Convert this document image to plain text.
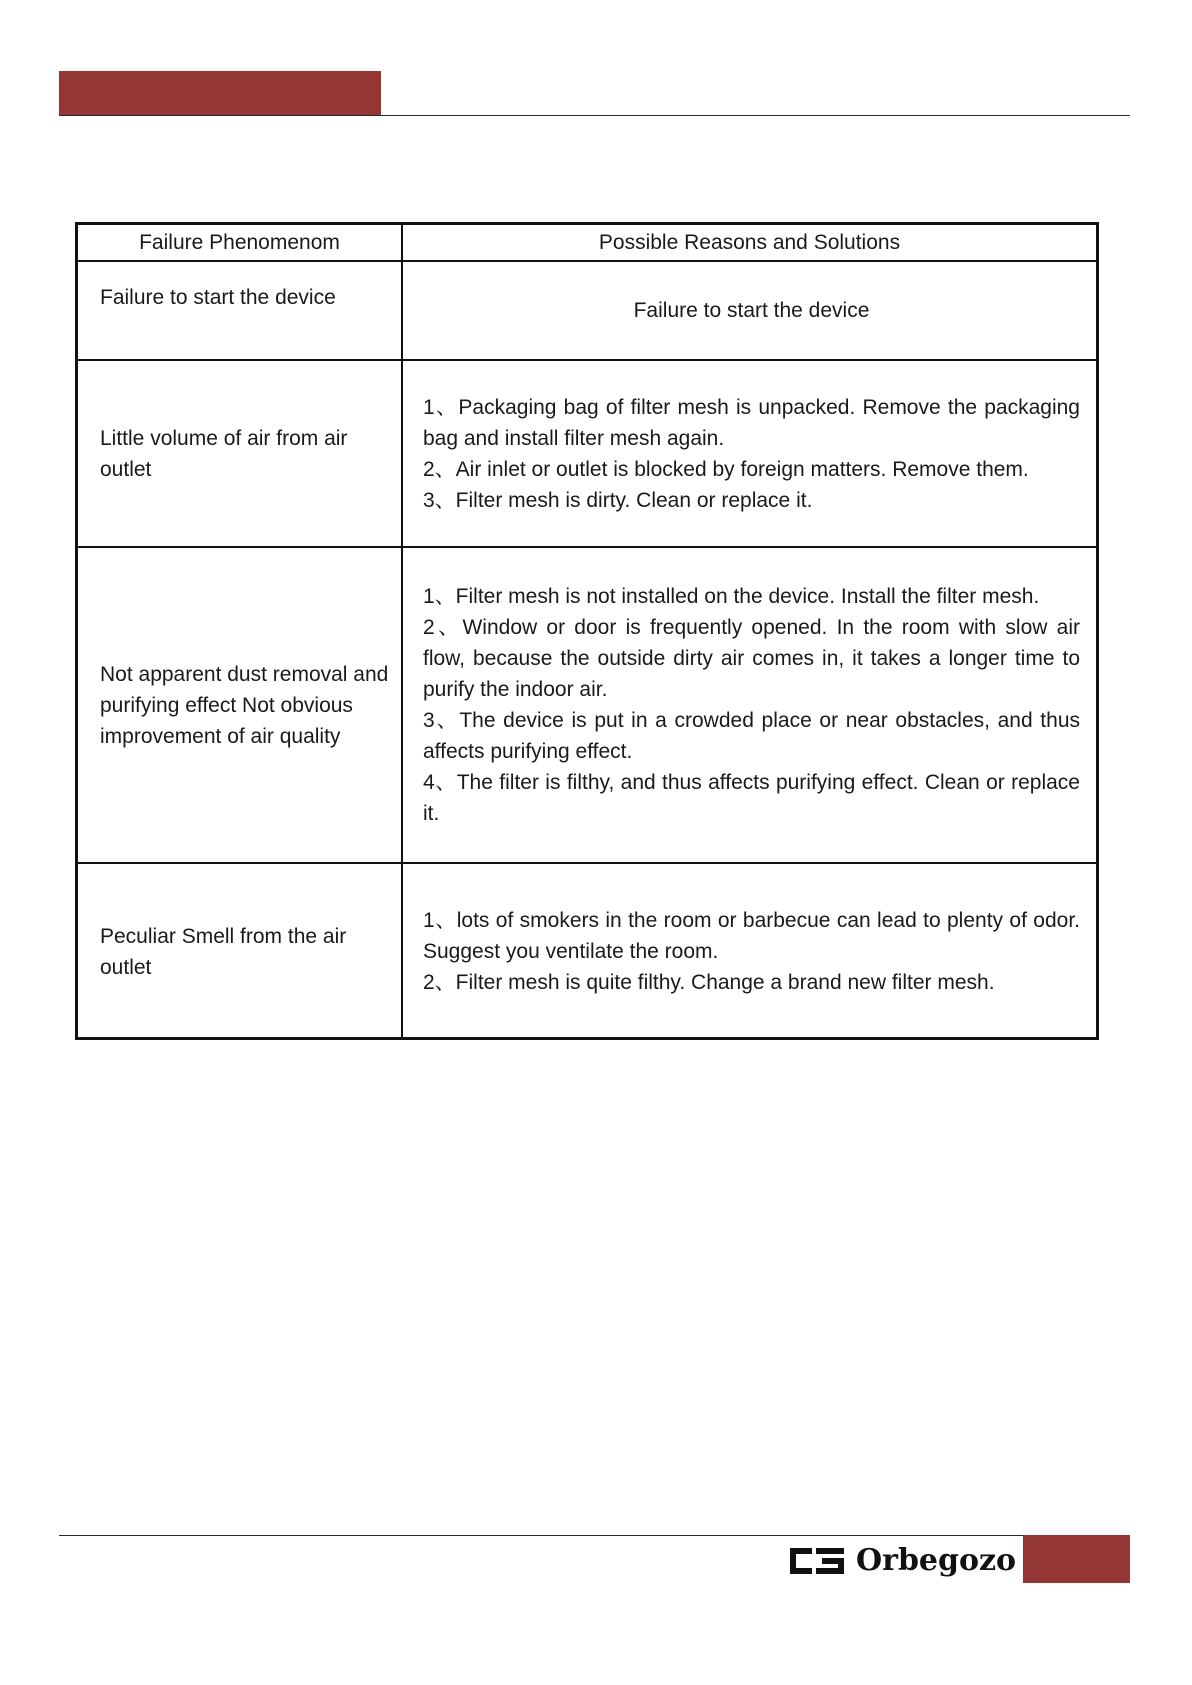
Failure Phenomenom	Possible Reasons and Solutions
Failure to start the device	Failure to start the device

Little volume of air from air outlet	1、Packaging bag of filter mesh is unpacked. Remove the packaging bag and install filter mesh again.
2、Air inlet or outlet is blocked by foreign matters. Remove them.
3、Filter mesh is dirty. Clean or replace it.

Not apparent dust removal and purifying effect Not obvious improvement of air quality	1、Filter mesh is not installed on the device. Install the filter mesh.
2、Window or door is frequently opened. In the room with slow air flow, because the outside dirty air comes in, it takes a longer time to purify the indoor air.
3、The device is put in a crowded place or near obstacles, and thus affects purifying effect.
4、The filter is filthy, and thus affects purifying effect. Clean or replace it.

Peculiar Smell from the air outlet	1、lots of smokers in the room or barbecue can lead to plenty of odor. Suggest you ventilate the room.
2、Filter mesh is quite filthy. Change a brand new filter mesh.
Orbegozo
